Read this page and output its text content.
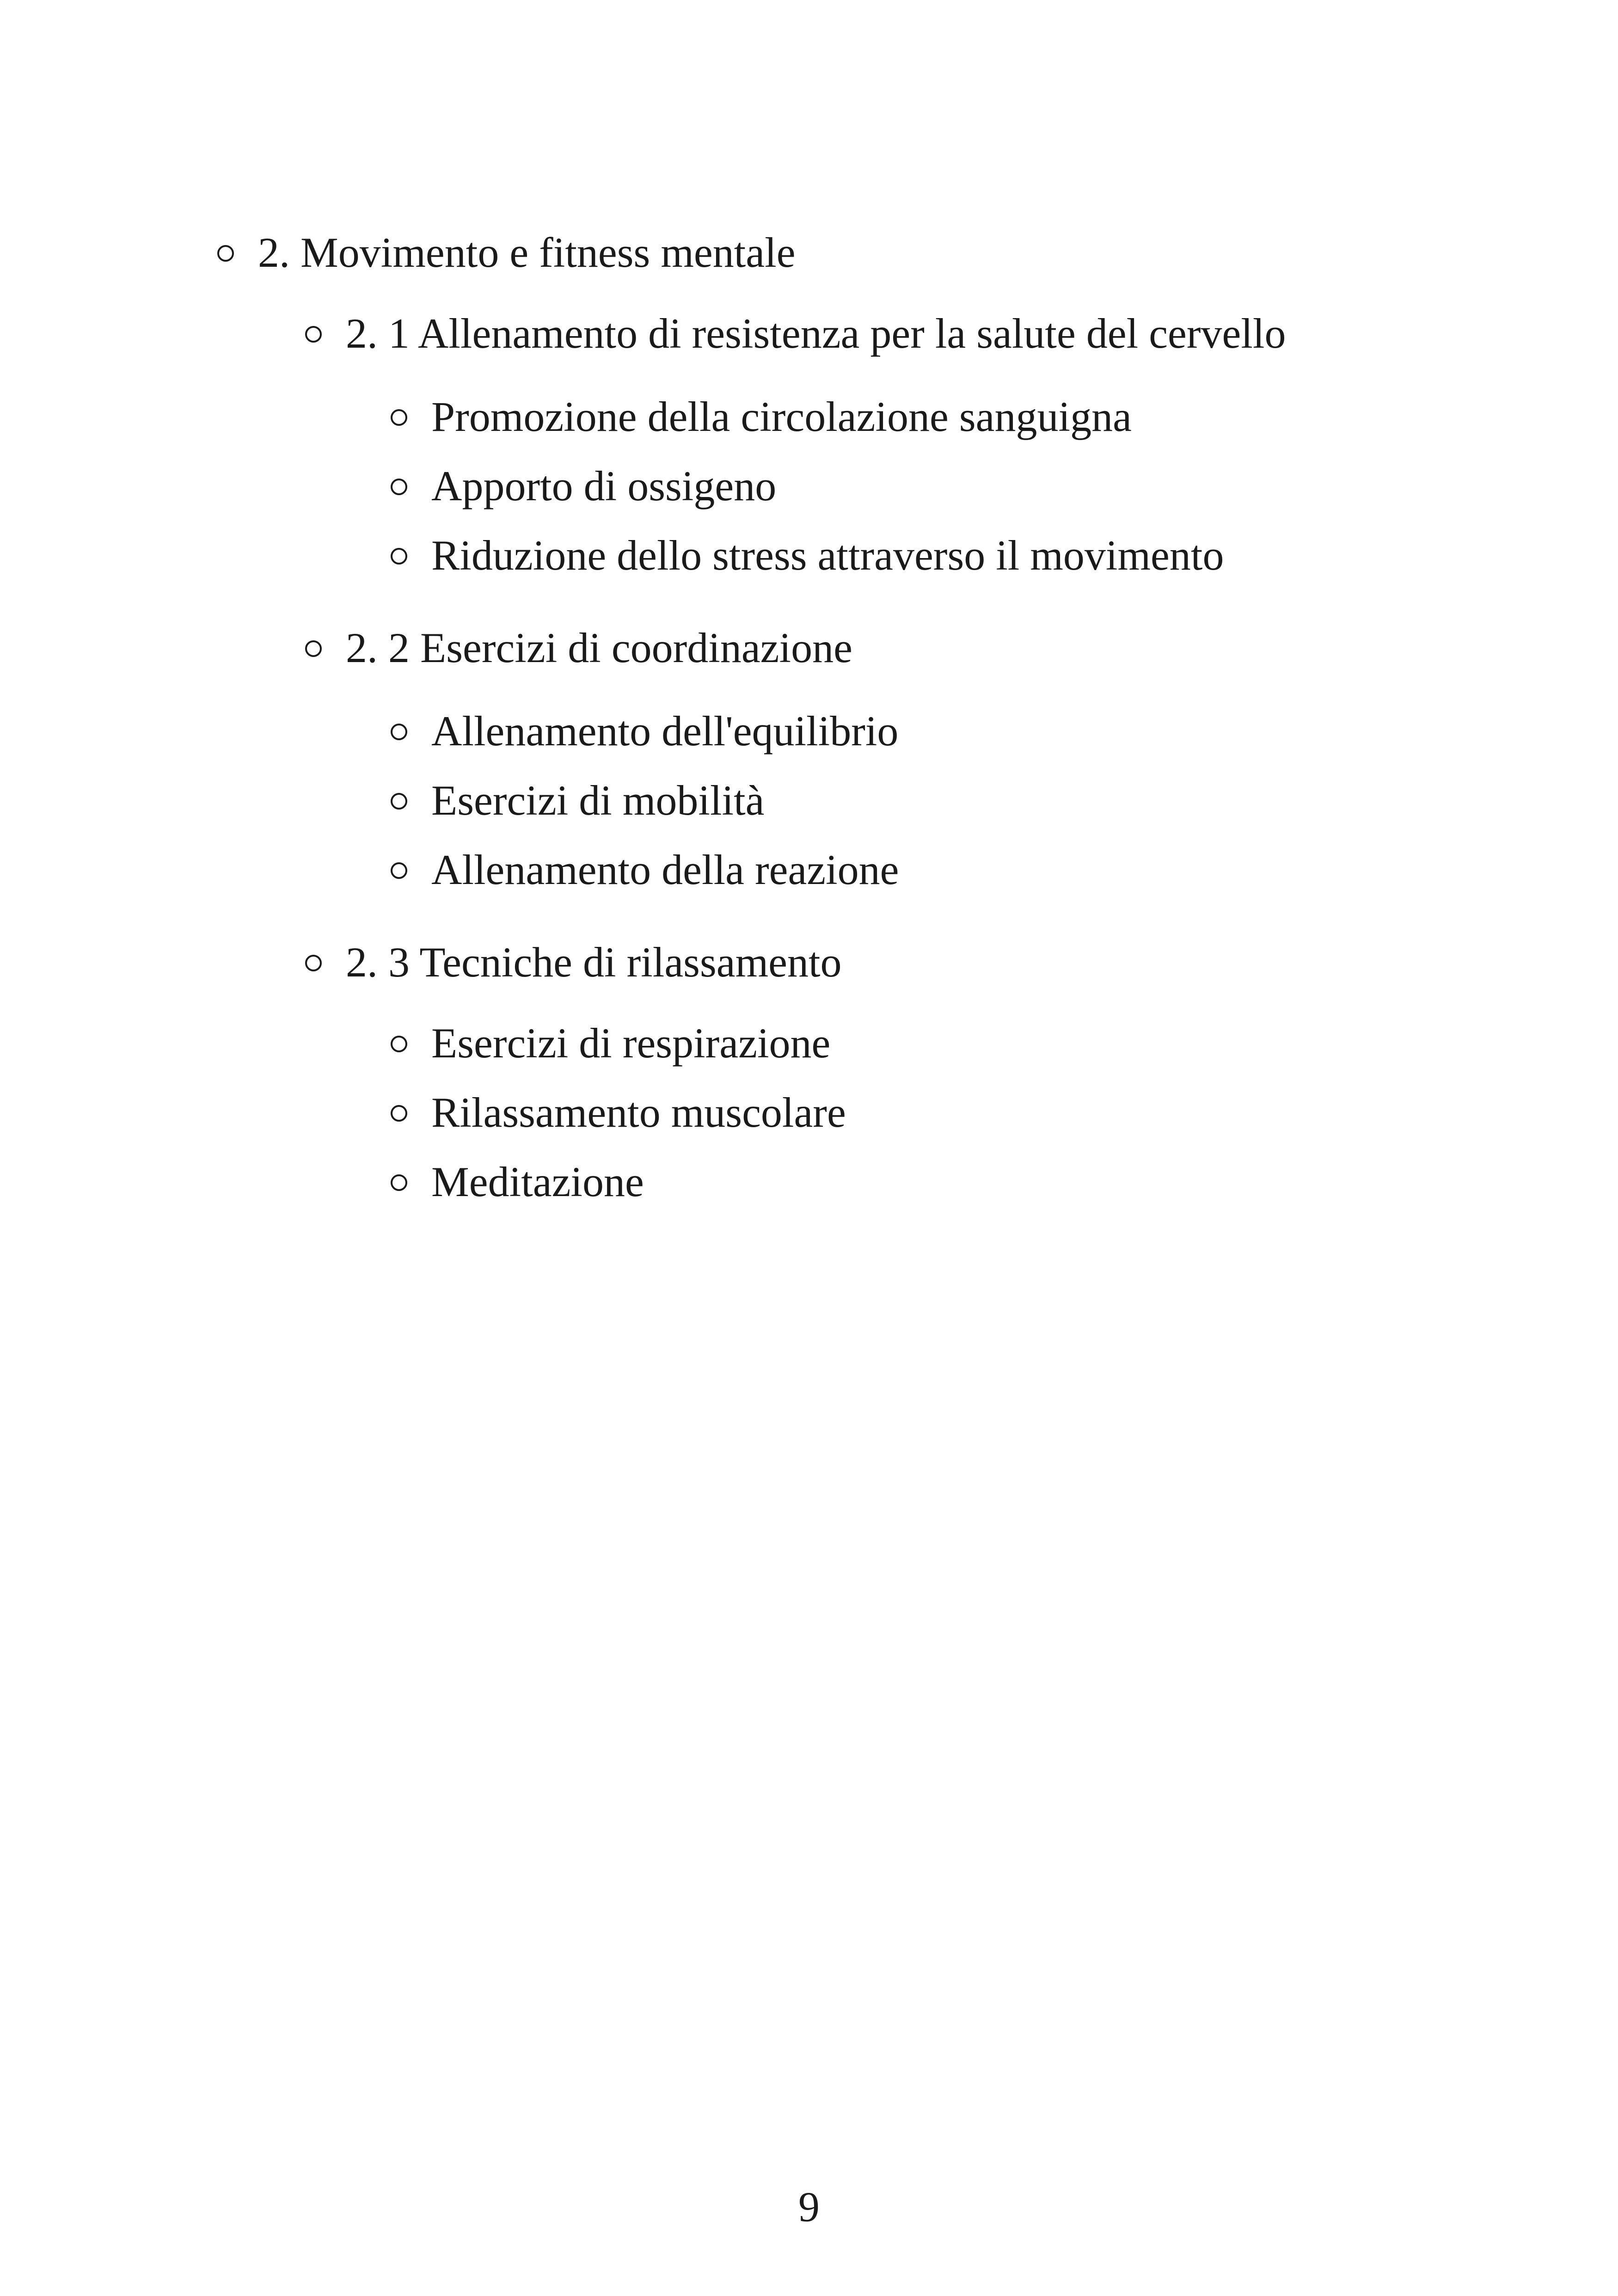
2. Movimento e fitness mentale
2. 1 Allenamento di resistenza per la salute del cervello
Promozione della circolazione sanguigna
Apporto di ossigeno
Riduzione dello stress attraverso il movimento
2. 2 Esercizi di coordinazione
Allenamento dell'equilibrio
Esercizi di mobilità
Allenamento della reazione
2. 3 Tecniche di rilassamento
Esercizi di respirazione
Rilassamento muscolare
Meditazione
9
